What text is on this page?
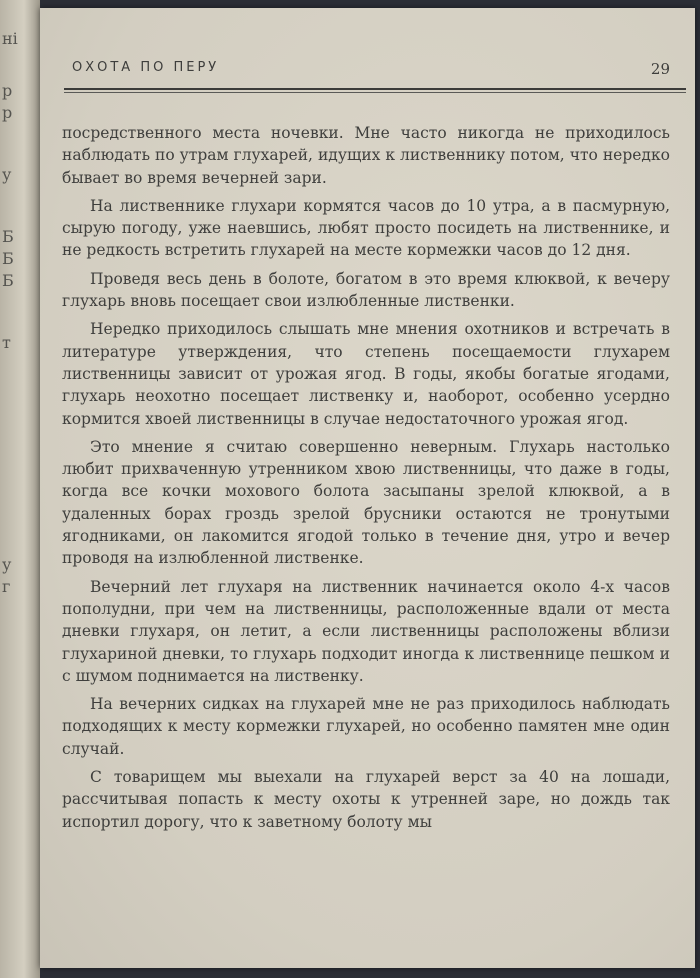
ні
р
р
у
Б
Б
Б
т
у
г
ОХОТА ПО ПЕРУ	29

посредственного места ночевки. Мне часто никогда не приходилось наблюдать по утрам глухарей, идущих к лиственнику потом, что нередко бывает во время вечерней зари.

На лиственнике глухари кормятся часов до 10 утра, а в пасмурную, сырую погоду, уже наевшись, любят просто посидеть на лиственнике, и не редкость встретить глухарей на месте кормежки часов до 12 дня.

Проведя весь день в болоте, богатом в это время клюквой, к вечеру глухарь вновь посещает свои излюбленные лиственки.

Нередко приходилось слышать мне мнения охотников и встречать в литературе утверждения, что степень посещаемости глухарем лиственницы зависит от урожая ягод. В годы, якобы богатые ягодами, глухарь неохотно посещает лиственку и, наоборот, особенно усердно кормится хвоей лиственницы в случае недостаточного урожая ягод.

Это мнение я считаю совершенно неверным. Глухарь настолько любит прихваченную утренником хвою лиственницы, что даже в годы, когда все кочки мохового болота засыпаны зрелой клюквой, а в удаленных борах гроздь зрелой брусники остаются не тронутыми ягодниками, он лакомится ягодой только в течение дня, утро и вечер проводя на излюбленной лиственке.

Вечерний лет глухаря на лиственник начинается около 4-х часов пополудни, при чем на лиственницы, расположенные вдали от места дневки глухаря, он летит, а если лиственницы расположены вблизи глухариной дневки, то глухарь подходит иногда к лиственнице пешком и с шумом поднимается на лиственку.

На вечерних сидках на глухарей мне не раз приходилось наблюдать подходящих к месту кормежки глухарей, но особенно памятен мне один случай.

С товарищем мы выехали на глухарей верст за 40 на лошади, рассчитывая попасть к месту охоты к утренней заре, но дождь так испортил дорогу, что к заветному болоту мы
